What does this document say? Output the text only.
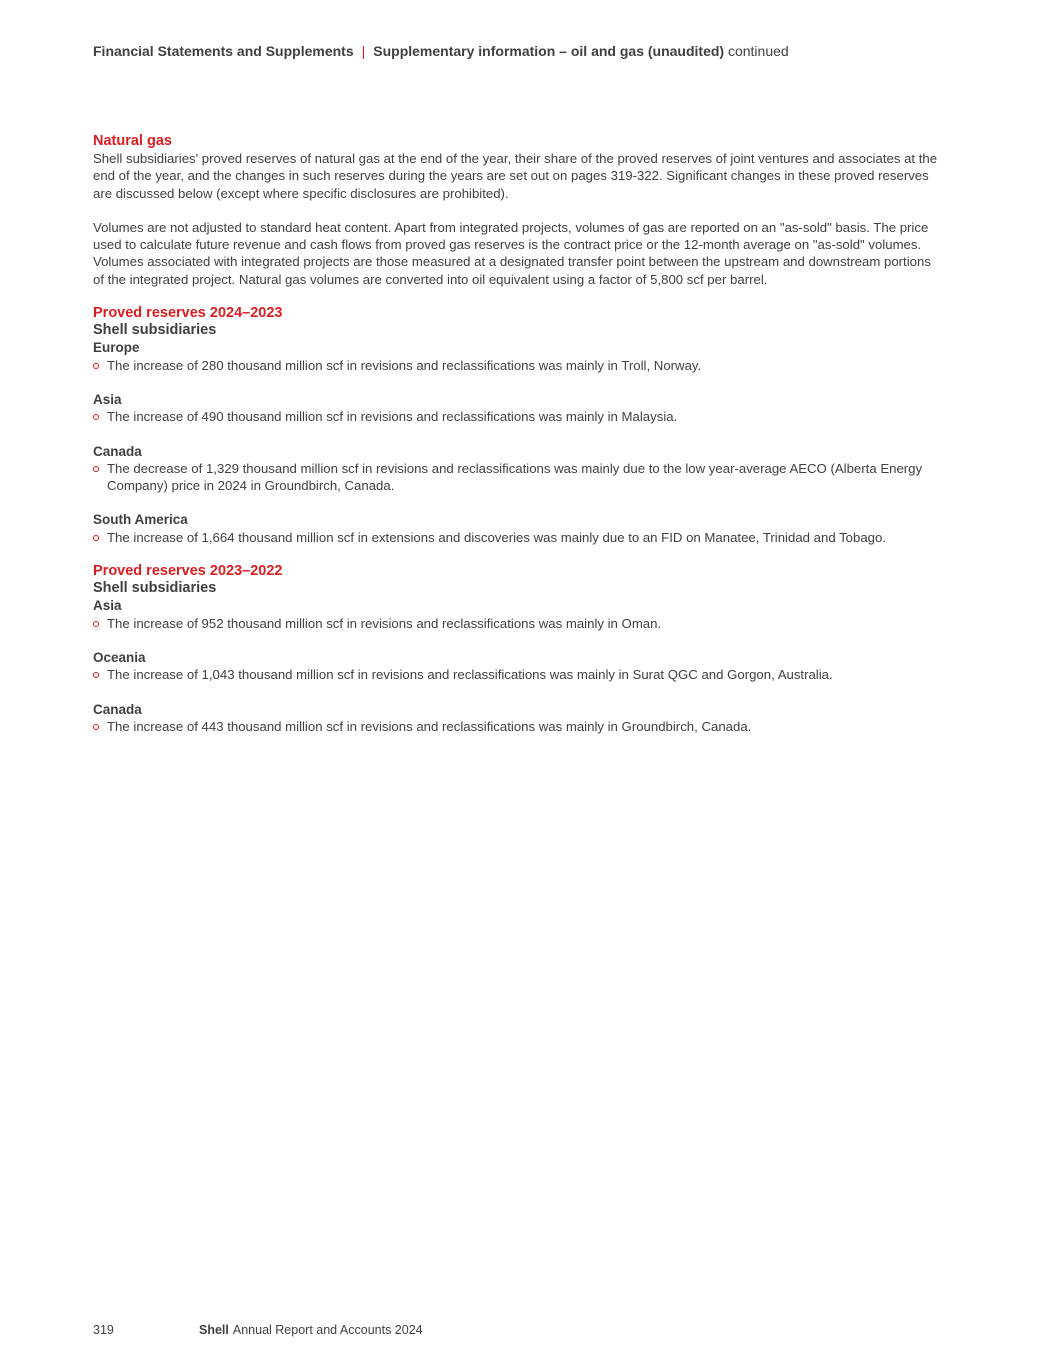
Financial Statements and Supplements | Supplementary information – oil and gas (unaudited) continued
Natural gas

Shell subsidiaries' proved reserves of natural gas at the end of the year, their share of the proved reserves of joint ventures and associates at the end of the year, and the changes in such reserves during the years are set out on pages 319-322. Significant changes in these proved reserves are discussed below (except where specific disclosures are prohibited).

Volumes are not adjusted to standard heat content. Apart from integrated projects, volumes of gas are reported on an "as-sold" basis. The price used to calculate future revenue and cash flows from proved gas reserves is the contract price or the 12-month average on "as-sold" volumes. Volumes associated with integrated projects are those measured at a designated transfer point between the upstream and downstream portions of the integrated project. Natural gas volumes are converted into oil equivalent using a factor of 5,800 scf per barrel.

Proved reserves 2024–2023
Shell subsidiaries
Europe
The increase of 280 thousand million scf in revisions and reclassifications was mainly in Troll, Norway.
Asia
The increase of 490 thousand million scf in revisions and reclassifications was mainly in Malaysia.
Canada
The decrease of 1,329 thousand million scf in revisions and reclassifications was mainly due to the low year-average AECO (Alberta Energy Company) price in 2024 in Groundbirch, Canada.
South America
The increase of 1,664 thousand million scf in extensions and discoveries was mainly due to an FID on Manatee, Trinidad and Tobago.
Proved reserves 2023–2022
Shell subsidiaries
Asia
The increase of 952 thousand million scf in revisions and reclassifications was mainly in Oman.
Oceania
The increase of 1,043 thousand million scf in revisions and reclassifications was mainly in Surat QGC and Gorgon, Australia.
Canada
The increase of 443 thousand million scf in revisions and reclassifications was mainly in Groundbirch, Canada.
319	Shell Annual Report and Accounts 2024
